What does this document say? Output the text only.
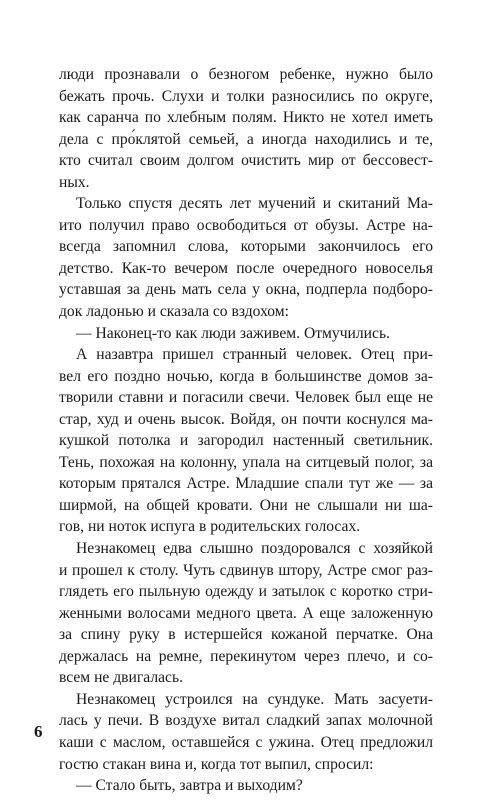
люди прознавали о безногом ребенке, нужно было
бежать прочь. Слухи и толки разносились по округе,
как саранча по хлебным полям. Никто не хотел иметь
дела с про́клятой семьей, а иногда находились и те,
кто считал своим долгом очистить мир от бессовест-
ных.
Только спустя десять лет мучений и скитаний Ма-
ито получил право освободиться от обузы. Астре на-
всегда запомнил слова, которыми закончилось его
детство. Как-то вечером после очередного новоселья
уставшая за день мать села у окна, подперла подборо-
док ладонью и сказала со вздохом:
— Наконец-то как люди заживем. Отмучились.
А назавтра пришел странный человек. Отец при-
вел его поздно ночью, когда в большинстве домов за-
творили ставни и погасили свечи. Человек был еще не
стар, худ и очень высок. Войдя, он почти коснулся ма-
кушкой потолка и загородил настенный светильник.
Тень, похожая на колонну, упала на ситцевый полог, за
которым прятался Астре. Младшие спали тут же — за
ширмой, на общей кровати. Они не слышали ни ша-
гов, ни ноток испуга в родительских голосах.
Незнакомец едва слышно поздоровался с хозяйкой
и прошел к столу. Чуть сдвинув штору, Астре смог раз-
глядеть его пыльную одежду и затылок с коротко стри-
женными волосами медного цвета. А еще заложенную
за спину руку в истершейся кожаной перчатке. Она
держалась на ремне, перекинутом через плечо, и со-
всем не двигалась.
Незнакомец устроился на сундуке. Мать засуети-
лась у печи. В воздухе витал сладкий запах молочной
каши с маслом, оставшейся с ужина. Отец предложил
гостю стакан вина и, когда тот выпил, спросил:
— Стало быть, завтра и выходим?
6
